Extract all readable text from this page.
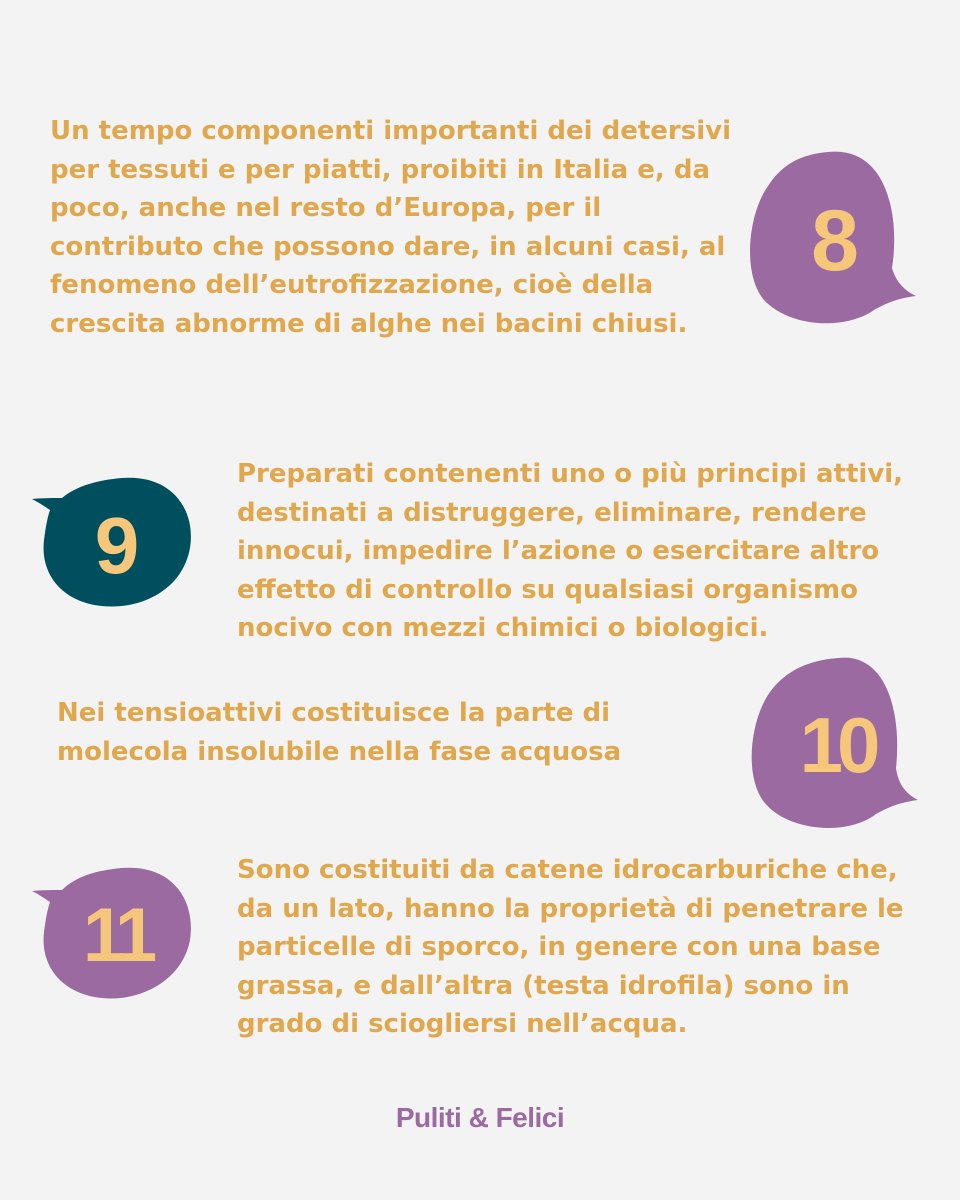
Un tempo componenti importanti dei detersivi per tessuti e per piatti, proibiti in Italia e, da poco, anche nel resto d’Europa, per il contributo che possono dare, in alcuni casi, al fenomeno dell’eutrofizzazione, cioè della crescita abnorme di alghe nei bacini chiusi.

8
9

Preparati contenenti uno o più principi attivi, destinati a distruggere, eliminare, rendere innocui, impedire l’azione o esercitare altro effetto di controllo su qualsiasi organismo nocivo con mezzi chimici o biologici.

Nei tensioattivi costituisce la parte di molecola insolubile nella fase acquosa	10
11

Sono costituiti da catene idrocarburiche che, da un lato, hanno la proprietà di penetrare le particelle di sporco, in genere con una base grassa, e dall’altra (testa idrofila) sono in grado di sciogliersi nell’acqua.

Puliti & Felici
